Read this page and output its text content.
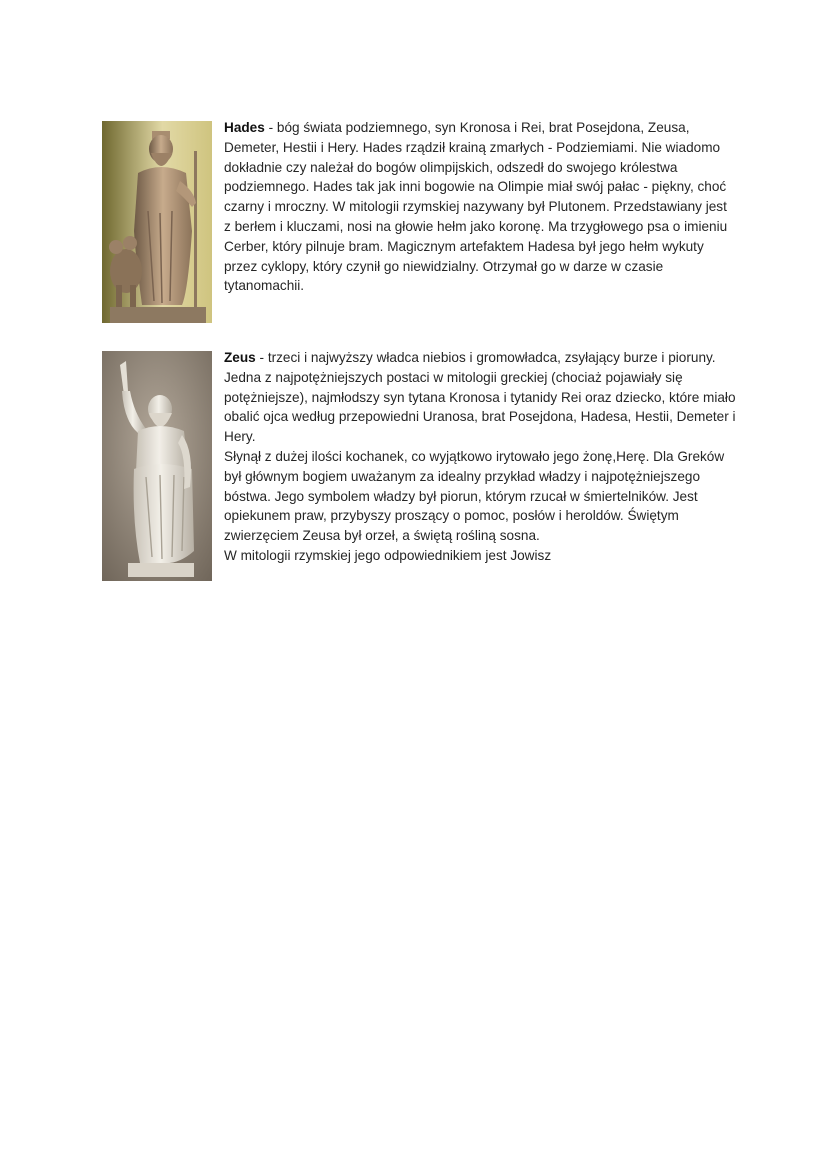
Hades - bóg świata podziemnego, syn Kronosa i Rei, brat Posejdona, Zeusa, Demeter, Hestii i Hery. Hades rządził krainą zmarłych - Podziemiami. Nie wiadomo dokładnie czy należał do bogów olimpijskich, odszedł do swojego królestwa podziemnego. Hades tak jak inni bogowie na Olimpie miał swój pałac - piękny, choć czarny i mroczny. W mitologii rzymskiej nazywany był Plutonem. Przedstawiany jest z berłem i kluczami, nosi na głowie hełm jako koronę. Ma trzygłowego psa o imieniu Cerber, który pilnuje bram. Magicznym artefaktem Hadesa był jego hełm wykuty przez cyklopy, który czynił go niewidzialny. Otrzymał go w darze w czasie tytanomachii.
Zeus - trzeci i najwyższy władca niebios i gromowładca, zsyłający burze i pioruny. Jedna z najpotężniejszych postaci w mitologii greckiej (chociaż pojawiały się potężniejsze), najmłodszy syn tytana Kronosa i tytanidy Rei oraz dziecko, które miało obalić ojca według przepowiedni Uranosa, brat Posejdona, Hadesa, Hestii, Demeter i Hery.
Słynął z dużej ilości kochanek, co wyjątkowo irytowało jego żonę,Herę. Dla Greków był głównym bogiem uważanym za idealny przykład władzy i najpotężniejszego bóstwa. Jego symbolem władzy był piorun, którym rzucał w śmiertelników. Jest opiekunem praw, przybyszy proszący o pomoc, posłów i heroldów. Świętym zwierzęciem Zeusa był orzeł, a świętą rośliną sosna.
W mitologii rzymskiej jego odpowiednikiem jest Jowisz
